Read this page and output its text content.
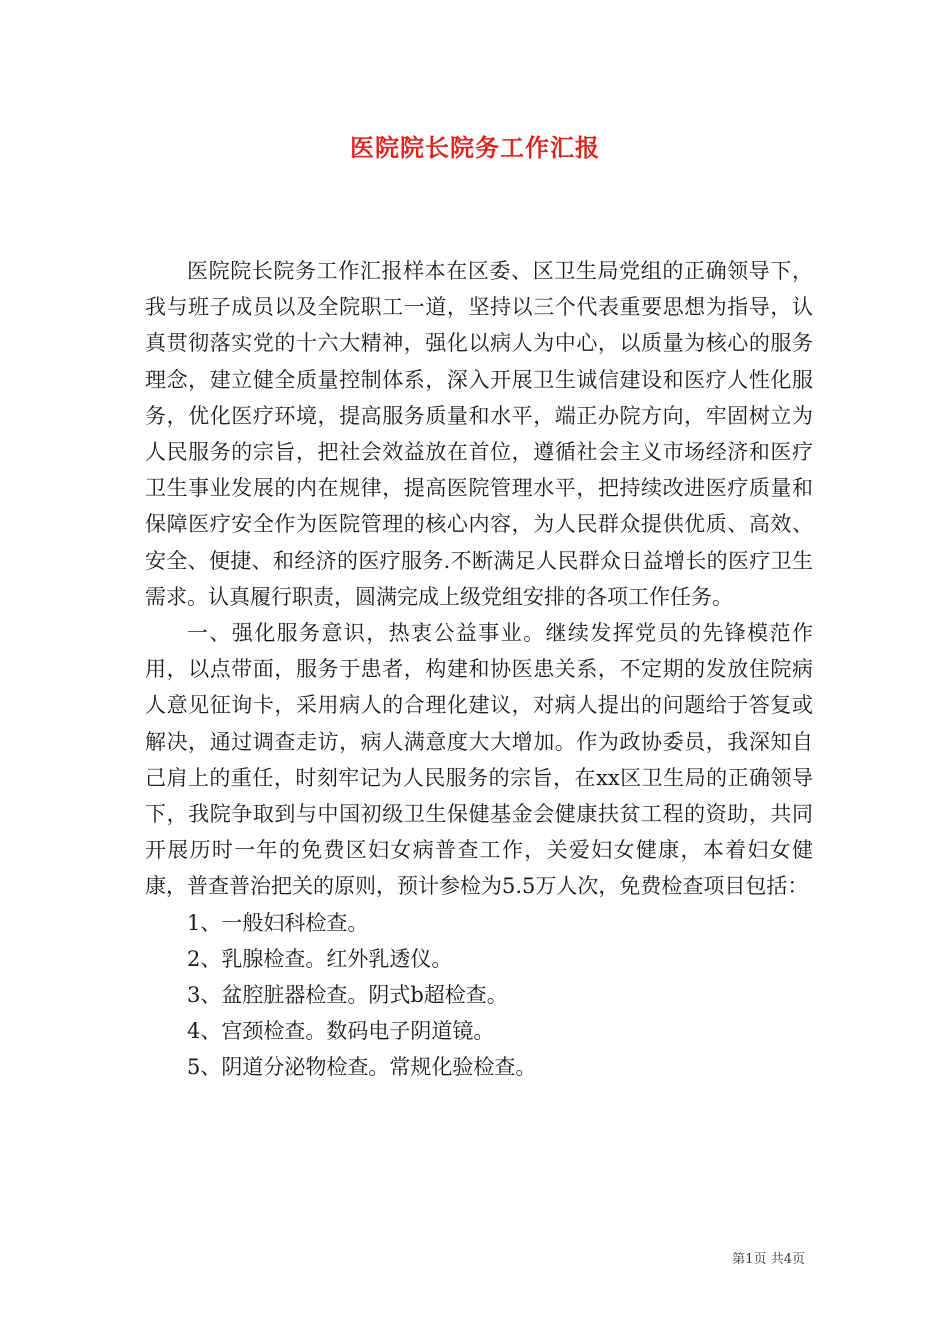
医院院长院务工作汇报

医院院长院务工作汇报样本在区委、区卫生局党组的正确领导下，我与班子成员以及全院职工一道，坚持以三个代表重要思想为指导，认真贯彻落实党的十六大精神，强化以病人为中心，以质量为核心的服务理念，建立健全质量控制体系，深入开展卫生诚信建设和医疗人性化服务，优化医疗环境，提高服务质量和水平，端正办院方向，牢固树立为人民服务的宗旨，把社会效益放在首位，遵循社会主义市场经济和医疗卫生事业发展的内在规律，提高医院管理水平，把持续改进医疗质量和保障医疗安全作为医院管理的核心内容，为人民群众提供优质、高效、安全、便捷、和经济的医疗服务.不断满足人民群众日益增长的医疗卫生需求。认真履行职责，圆满完成上级党组安排的各项工作任务。

一、强化服务意识，热衷公益事业。继续发挥党员的先锋模范作用，以点带面，服务于患者，构建和协医患关系，不定期的发放住院病人意见征询卡，采用病人的合理化建议，对病人提出的问题给于答复或解决，通过调查走访，病人满意度大大增加。作为政协委员，我深知自己肩上的重任，时刻牢记为人民服务的宗旨，在xx区卫生局的正确领导下，我院争取到与中国初级卫生保健基金会健康扶贫工程的资助，共同开展历时一年的免费区妇女病普查工作，关爱妇女健康，本着妇女健康，普查普治把关的原则，预计参检为5.5万人次，免费检查项目包括：

1、一般妇科检查。

2、乳腺检查。红外乳透仪。

3、盆腔脏器检查。阴式b超检查。

4、宫颈检查。数码电子阴道镜。

5、阴道分泌物检查。常规化验检查。

第1页 共4页
